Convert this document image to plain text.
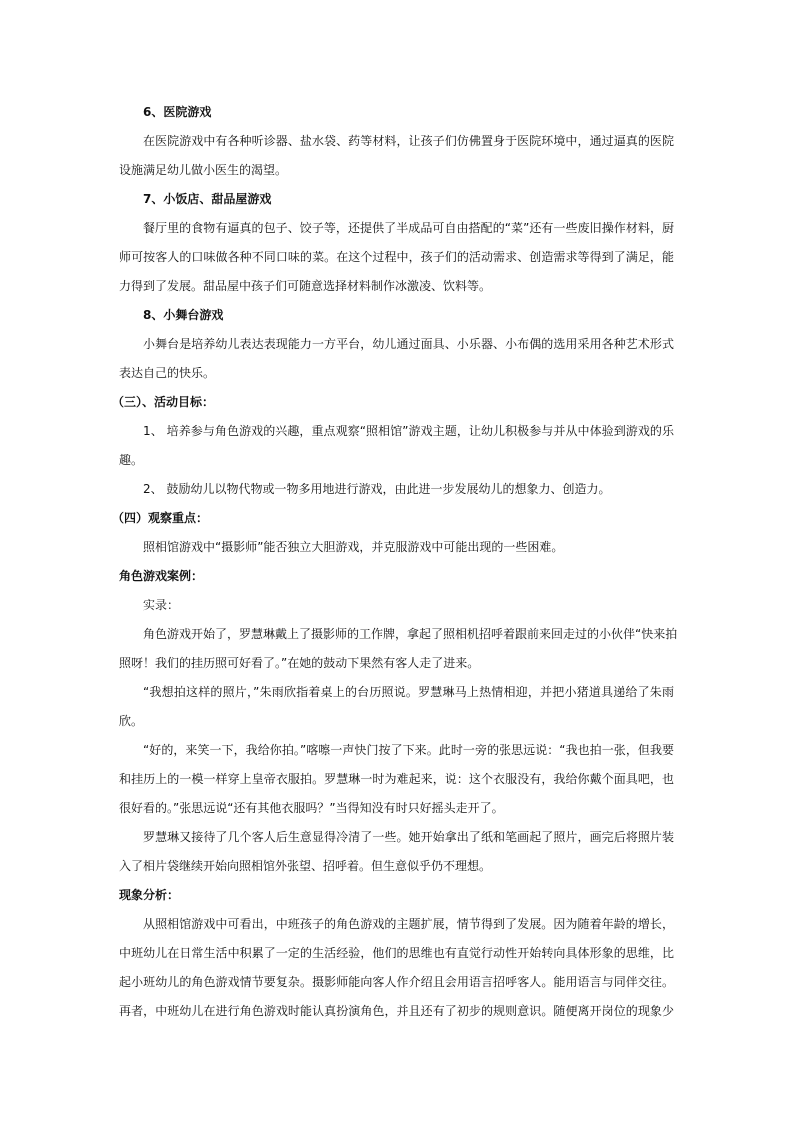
6、医院游戏
在医院游戏中有各种听诊器、盐水袋、药等材料，让孩子们仿佛置身于医院环境中，通过逼真的医院
设施满足幼儿做小医生的渴望。
7、小饭店、甜品屋游戏
餐厅里的食物有逼真的包子、饺子等，还提供了半成品可自由搭配的“菜”还有一些废旧操作材料，厨
师可按客人的口味做各种不同口味的菜。在这个过程中，孩子们的活动需求、创造需求等得到了满足，能
力得到了发展。甜品屋中孩子们可随意选择材料制作冰激凌、饮料等。
8、小舞台游戏
小舞台是培养幼儿表达表现能力一方平台，幼儿通过面具、小乐器、小布偶的选用采用各种艺术形式
表达自己的快乐。
（三）、活动目标：
1、 培养参与角色游戏的兴趣，重点观察“照相馆”游戏主题，让幼儿积极参与并从中体验到游戏的乐
趣。
2、 鼓励幼儿以物代物或一物多用地进行游戏，由此进一步发展幼儿的想象力、创造力。
（四）观察重点：
照相馆游戏中“摄影师”能否独立大胆游戏，并克服游戏中可能出现的一些困难。
角色游戏案例：
实录：
角色游戏开始了，罗慧琳戴上了摄影师的工作牌，拿起了照相机招呼着跟前来回走过的小伙伴“快来拍
照呀！我们的挂历照可好看了。”在她的鼓动下果然有客人走了进来。
“我想拍这样的照片，”朱雨欣指着桌上的台历照说。罗慧琳马上热情相迎，并把小猪道具递给了朱雨
欣。
“好的，来笑一下，我给你拍。”喀嚓一声快门按了下来。此时一旁的张思远说：“我也拍一张，但我要
和挂历上的一模一样穿上皇帝衣服拍。罗慧琳一时为难起来，说：这个衣服没有，我给你戴个面具吧，也
很好看的。”张思远说“还有其他衣服吗？”当得知没有时只好摇头走开了。
罗慧琳又接待了几个客人后生意显得冷清了一些。她开始拿出了纸和笔画起了照片，画完后将照片装
入了相片袋继续开始向照相馆外张望、招呼着。但生意似乎仍不理想。
现象分析：
从照相馆游戏中可看出，中班孩子的角色游戏的主题扩展，情节得到了发展。因为随着年龄的增长，
中班幼儿在日常生活中积累了一定的生活经验，他们的思维也有直觉行动性开始转向具体形象的思维，比
起小班幼儿的角色游戏情节要复杂。摄影师能向客人作介绍且会用语言招呼客人。能用语言与同伴交往。
再者，中班幼儿在进行角色游戏时能认真扮演角色，并且还有了初步的规则意识。随便离开岗位的现象少
